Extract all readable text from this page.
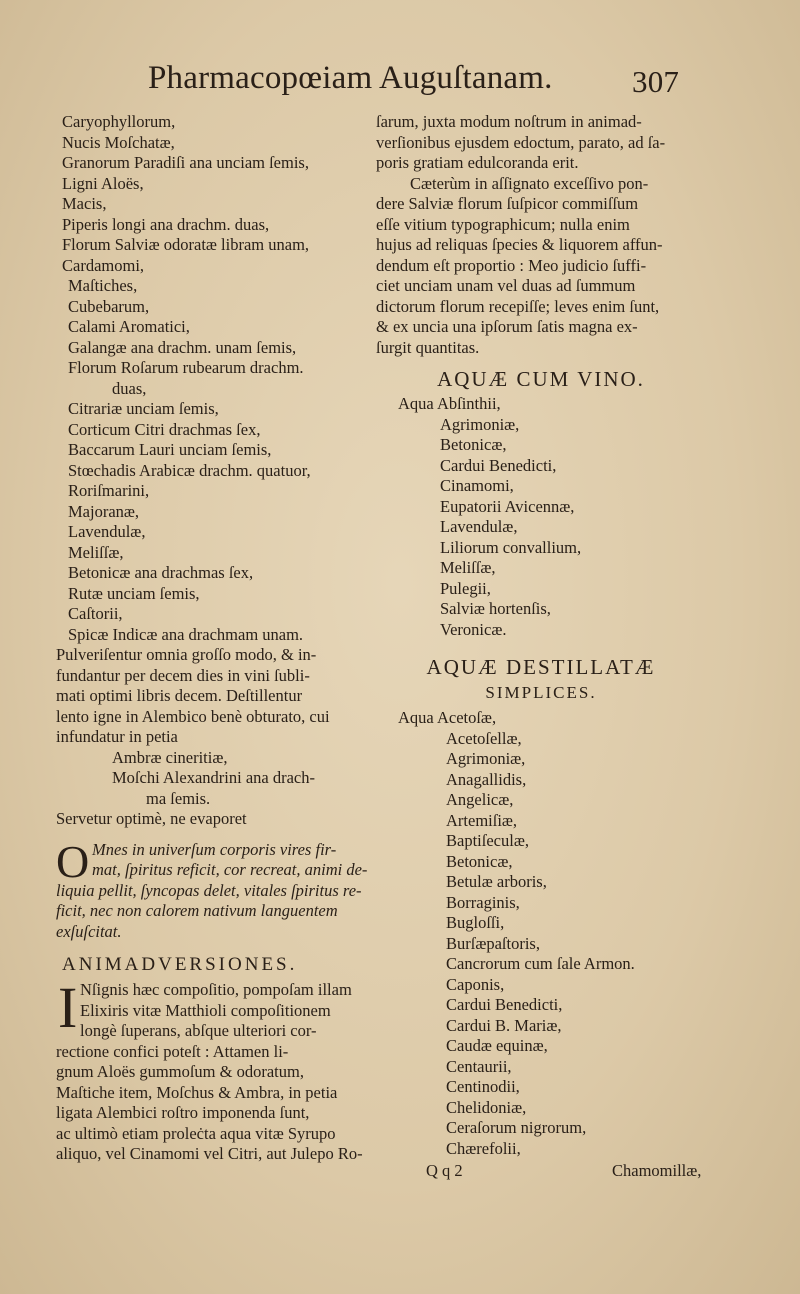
Pharmacopœiam Auguſtanam.	307
Caryophyllorum,
Nucis Moſchatæ,
Granorum Paradiſi ana unciam ſemis,
Ligni Aloës,
Macis,
Piperis longi ana drachm. duas,
Florum Salviæ odoratæ libram unam,
Cardamomi,
Maſtiches,
Cubebarum,
Calami Aromatici,
Galangæ ana drachm. unam ſemis,
Florum Roſarum rubearum drachm.
duas,
Citrariæ unciam ſemis,
Corticum Citri drachmas ſex,
Baccarum Lauri unciam ſemis,
Stœchadis Arabicæ drachm. quatuor,
Roriſmarini,
Majoranæ,
Lavendulæ,
Meliſſæ,
Betonicæ ana drachmas ſex,
Rutæ unciam ſemis,
Caſtorii,
Spicæ Indicæ ana drachmam unam.
Pulveriſentur omnia groſſo modo, & in-
fundantur per decem dies in vini ſubli-
mati optimi libris decem. Deſtillentur
lento igne in Alembico benè obturato, cui
infundatur in petia
Ambræ cineritiæ,
Moſchi Alexandrini ana drach-
ma ſemis.
Servetur optimè, ne evaporet
O Mnes in univerſum corporis vires fir-
mat, ſpiritus reficit, cor recreat, animi de-
liquia pellit, ſyncopas delet, vitales ſpiritus re-
ficit, nec non calorem nativum languentem
exſuſcitat.
ANIMADVERSIONES.
I Nſignis hæc compoſitio, pompoſam illam
Elixiris vitæ Matthioli compoſitionem
longè ſuperans, abſque ulteriori cor-
rectione confici poteſt : Attamen li-
gnum Aloës gummoſum & odoratum,
Maſtiche item, Moſchus & Ambra, in petia
ligata Alembici roſtro imponenda ſunt,
ac ultimò etiam proleċta aqua vitæ Syrupo
aliquo, vel Cinamomi vel Citri, aut Julepo Ro-
ſarum, juxta modum noſtrum in animad-
verſionibus ejusdem edoctum, parato, ad ſa-
poris gratiam edulcoranda erit.
Cæterùm in aſſignato exceſſivo pon-
dere Salviæ florum ſuſpicor commiſſum
eſſe vitium typographicum; nulla enim
hujus ad reliquas ſpecies & liquorem affun-
dendum eſt proportio : Meo judicio ſuffi-
ciet unciam unam vel duas ad ſummum
dictorum florum recepiſſe; leves enim ſunt,
& ex uncia una ipſorum ſatis magna ex-
ſurgit quantitas.
AQUÆ CUM VINO.
Aqua Abſinthii,
Agrimoniæ,
Betonicæ,
Cardui Benedicti,
Cinamomi,
Eupatorii Avicennæ,
Lavendulæ,
Liliorum convallium,
Meliſſæ,
Pulegii,
Salviæ hortenſis,
Veronicæ.
AQUÆ DESTILLATÆ
SIMPLICES.
Aqua Acetoſæ,
Acetoſellæ,
Agrimoniæ,
Anagallidis,
Angelicæ,
Artemiſiæ,
Baptiſeculæ,
Betonicæ,
Betulæ arboris,
Borraginis,
Bugloſſi,
Burſæpaſtoris,
Cancrorum cum ſale Armon.
Caponis,
Cardui Benedicti,
Cardui B. Mariæ,
Caudæ equinæ,
Centaurii,
Centinodii,
Chelidoniæ,
Ceraſorum nigrorum,
Chærefolii,
Q q 2	Chamomillæ,
